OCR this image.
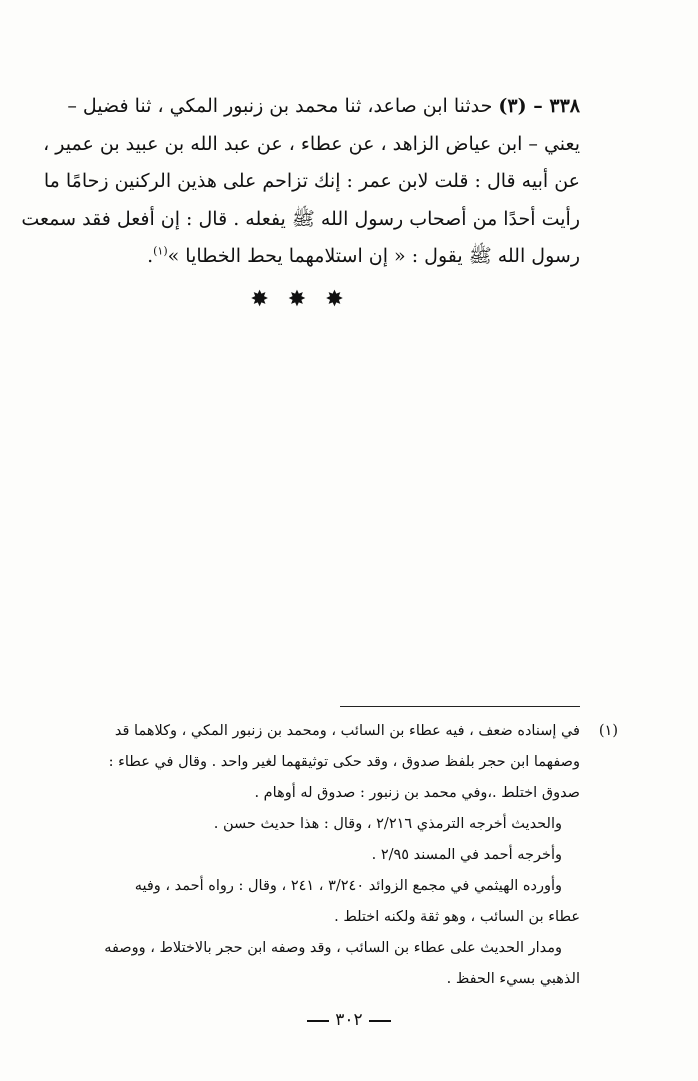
٣٣٨ – (٣) حدثنا ابن صاعد، ثنا محمد بن زنبور المكي ، ثنا فضيل –
يعني – ابن عياض الزاهد ، عن عطاء ، عن عبد الله بن عبيد بن عمير ،
عن أبيه قال : قلت لابن عمر : إنك تزاحم على هذين الركنين زحامًا ما
رأيت أحدًا من أصحاب رسول الله ﷺ يفعله . قال : إن أفعل فقد سمعت
رسول الله ﷺ يقول : « إن استلامهما يحط الخطايا »$^{(١)}$.
✸ ✸ ✸
(١)
في إسناده ضعف ، فيه عطاء بن السائب ، ومحمد بن زنبور المكي ، وكلاهما قد
وصفهما ابن حجر بلفظ صدوق ، وقد حكى توثيقهما لغير واحد . وقال في عطاء :
صدوق اختلط .،وفي محمد بن زنبور : صدوق له أوهام .
والحديث أخرجه الترمذي ٢/٢١٦ ، وقال : هذا حديث حسن .
وأخرجه أحمد في المسند ٢/٩٥ .
وأورده الهيثمي في مجمع الزوائد ٣/٢٤٠ ، ٢٤١ ، وقال : رواه أحمد ، وفيه
عطاء بن السائب ، وهو ثقة ولكنه اختلط .
ومدار الحديث على عطاء بن السائب ، وقد وصفه ابن حجر بالاختلاط ، ووصفه
الذهبي بسيء الحفظ .
٣٠٢
